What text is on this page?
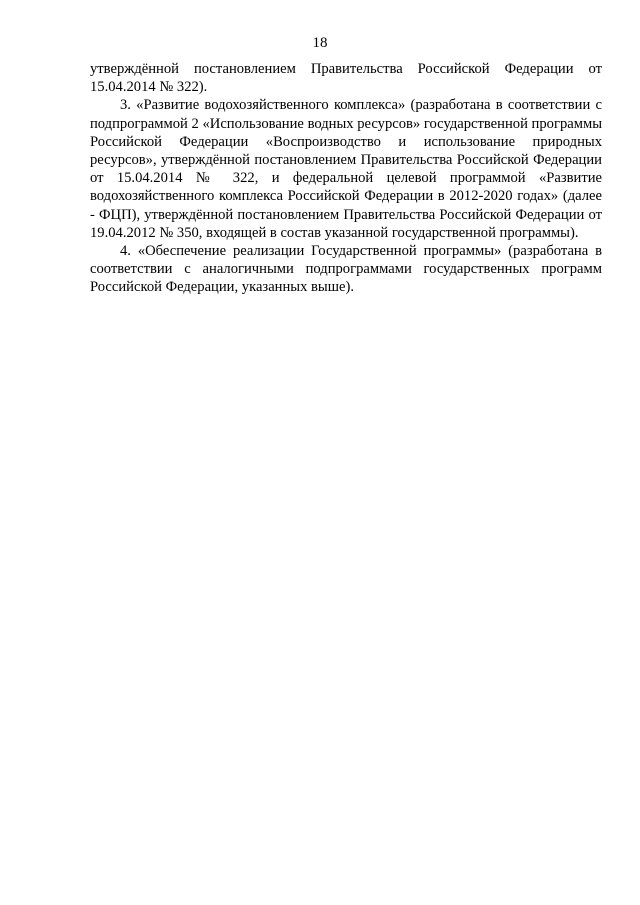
18

утверждённой постановлением Правительства Российской Федерации от 15.04.2014 № 322).

3. «Развитие водохозяйственного комплекса» (разработана в соответствии с подпрограммой 2 «Использование водных ресурсов» государственной программы Российской Федерации «Воспроизводство и использование природных ресурсов», утверждённой постановлением Правительства Российской Федерации от 15.04.2014 № 322, и федеральной целевой программой «Развитие водохозяйственного комплекса Российской Федерации в 2012-2020 годах» (далее - ФЦП), утверждённой постановлением Правительства Российской Федерации от 19.04.2012 № 350, входящей в состав указанной государственной программы).

4. «Обеспечение реализации Государственной программы» (разработана в соответствии с аналогичными подпрограммами государственных программ Российской Федерации, указанных выше).
